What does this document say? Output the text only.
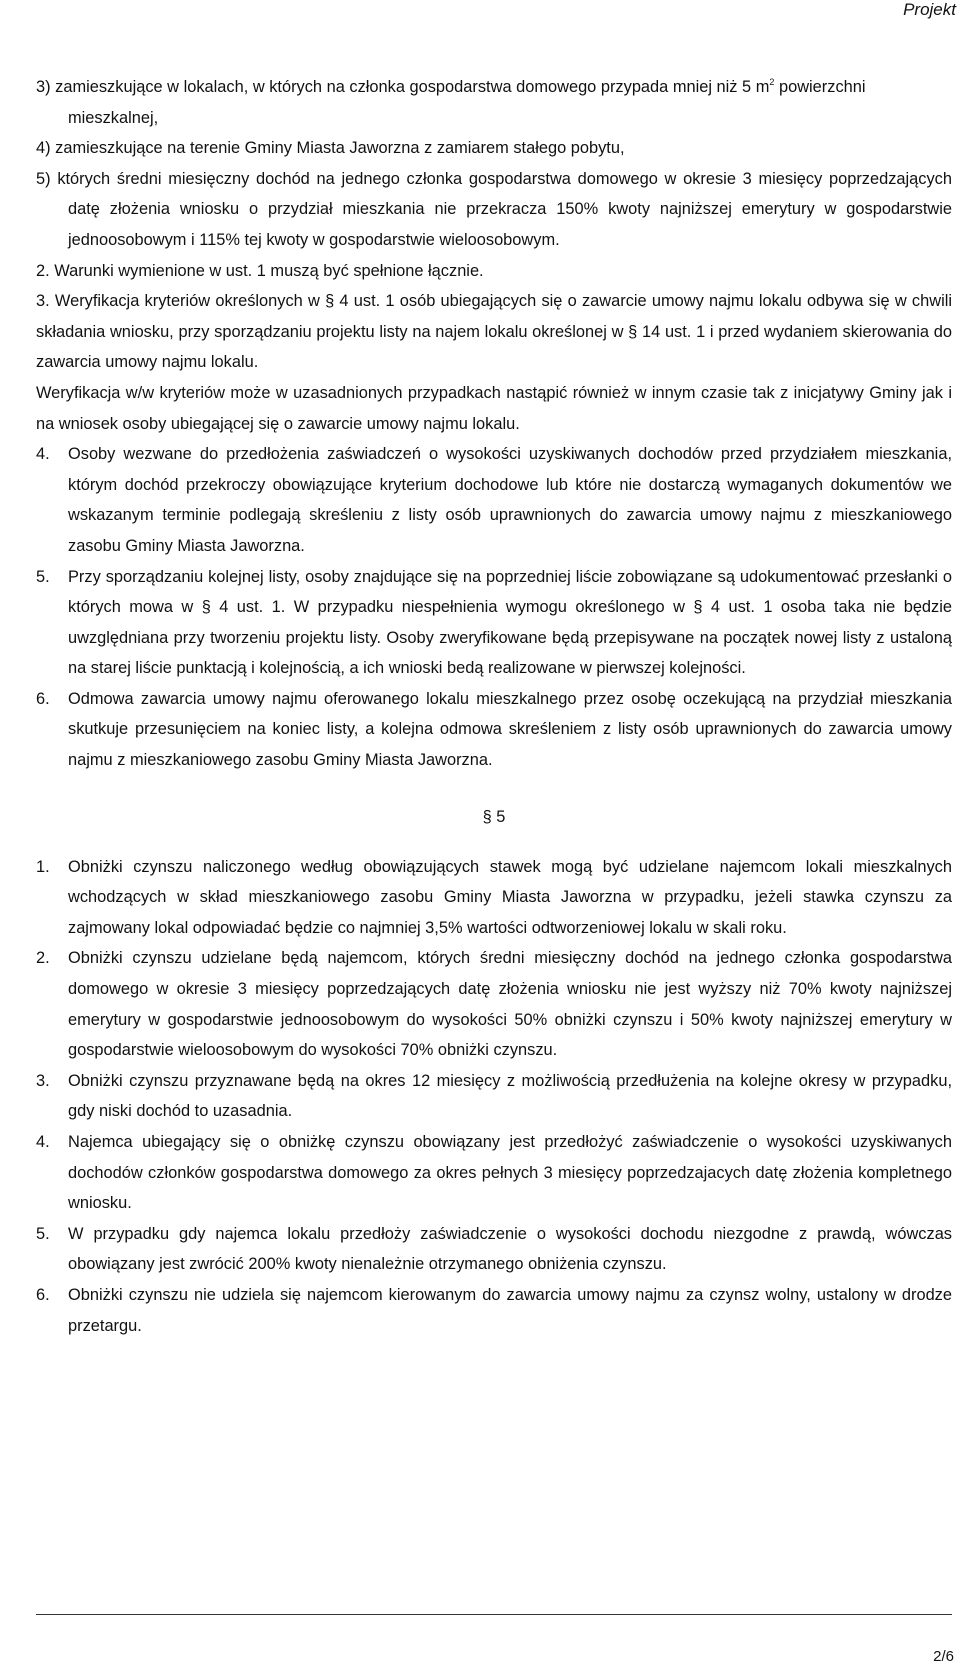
Projekt
3) zamieszkujące w lokalach, w których na członka gospodarstwa domowego przypada mniej niż 5 $m^2$ powierzchni mieszkalnej,
4) zamieszkujące na terenie Gminy Miasta Jaworzna z zamiarem stałego pobytu,
5) których średni miesięczny dochód na jednego członka gospodarstwa domowego w okresie 3 miesięcy poprzedzających datę złożenia wniosku o przydział mieszkania nie przekracza 150% kwoty najniższej emerytury w gospodarstwie jednoosobowym i 115% tej kwoty w gospodarstwie wieloosobowym.
2. Warunki wymienione w ust. 1 muszą być spełnione łącznie.
3. Weryfikacja kryteriów określonych w § 4 ust. 1 osób ubiegających się o zawarcie umowy najmu lokalu odbywa się w chwili składania wniosku, przy sporządzaniu projektu listy na najem lokalu określonej w § 14 ust. 1 i przed wydaniem skierowania do zawarcia umowy najmu lokalu.
Weryfikacja w/w kryteriów może w uzasadnionych przypadkach nastąpić również w innym czasie tak z inicjatywy Gminy jak i na wniosek osoby ubiegającej się o zawarcie umowy najmu lokalu.
4. Osoby wezwane do przedłożenia zaświadczeń o wysokości uzyskiwanych dochodów przed przydziałem mieszkania, którym dochód przekroczy obowiązujące kryterium dochodowe lub które nie dostarczą wymaganych dokumentów we wskazanym terminie podlegają skreśleniu z listy osób uprawnionych do zawarcia umowy najmu z mieszkaniowego zasobu Gminy Miasta Jaworzna.
5. Przy sporządzaniu kolejnej listy, osoby znajdujące się na poprzedniej liście zobowiązane są udokumentować przesłanki o których mowa w § 4 ust. 1. W przypadku niespełnienia wymogu określonego w § 4 ust. 1 osoba taka nie będzie uwzględniana przy tworzeniu projektu listy. Osoby zweryfikowane będą przepisywane na początek nowej listy z ustaloną na starej liście punktacją i kolejnością, a ich wnioski bedą realizowane w pierwszej kolejności.
6. Odmowa zawarcia umowy najmu oferowanego lokalu mieszkalnego przez osobę oczekującą na przydział mieszkania skutkuje przesunięciem na koniec listy, a kolejna odmowa skreśleniem z listy osób uprawnionych do zawarcia umowy najmu z mieszkaniowego zasobu Gminy Miasta Jaworzna.
§ 5
1. Obniżki czynszu naliczonego według obowiązujących stawek mogą być udzielane najemcom lokali mieszkalnych wchodzących w skład mieszkaniowego zasobu Gminy Miasta Jaworzna w przypadku, jeżeli stawka czynszu za zajmowany lokal odpowiadać będzie co najmniej 3,5% wartości odtworzeniowej lokalu w skali roku.
2. Obniżki czynszu udzielane będą najemcom, których średni miesięczny dochód na jednego członka gospodarstwa domowego w okresie 3 miesięcy poprzedzających datę złożenia wniosku nie jest wyższy niż 70% kwoty najniższej emerytury w gospodarstwie jednoosobowym do wysokości 50% obniżki czynszu i 50% kwoty najniższej emerytury w gospodarstwie wieloosobowym do wysokości 70% obniżki czynszu.
3. Obniżki czynszu przyznawane będą na okres 12 miesięcy z możliwością przedłużenia na kolejne okresy w przypadku, gdy niski dochód to uzasadnia.
4. Najemca ubiegający się o obniżkę czynszu obowiązany jest przedłożyć zaświadczenie o wysokości uzyskiwanych dochodów członków gospodarstwa domowego za okres pełnych 3 miesięcy poprzedzajacych datę złożenia kompletnego wniosku.
5. W przypadku gdy najemca lokalu przedłoży zaświadczenie o wysokości dochodu niezgodne z prawdą, wówczas obowiązany jest zwrócić 200% kwoty nienależnie otrzymanego obniżenia czynszu.
6. Obniżki czynszu nie udziela się najemcom kierowanym do zawarcia umowy najmu za czynsz wolny, ustalony w drodze przetargu.
2/6
